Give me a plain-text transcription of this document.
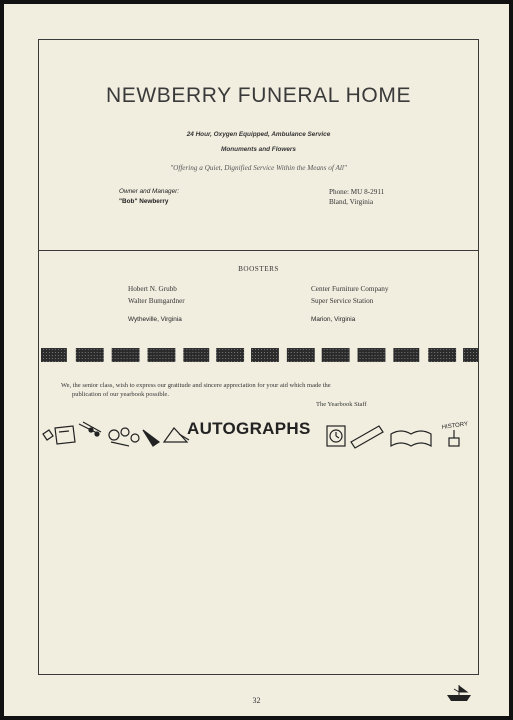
NEWBERRY FUNERAL HOME
24 Hour, Oxygen Equipped, Ambulance Service
Monuments and Flowers
"Offering a Quiet, Dignified Service Within the Means of All"
Owner and Manager:
"Bob" Newberry
Phone: MU 8-2911
Bland, Virginia
BOOSTERS
Hobert N. Grubb
Walter Bumgardner
Wytheville, Virginia
Center Furniture Company
Super Service Station
Marion, Virginia
We, the senior class, wish to express our gratitude and sincere appreciation for your aid which made the
publication of our yearbook possible.
The Yearbook Staff
HISTORY
AUTOGRAPHS
32
